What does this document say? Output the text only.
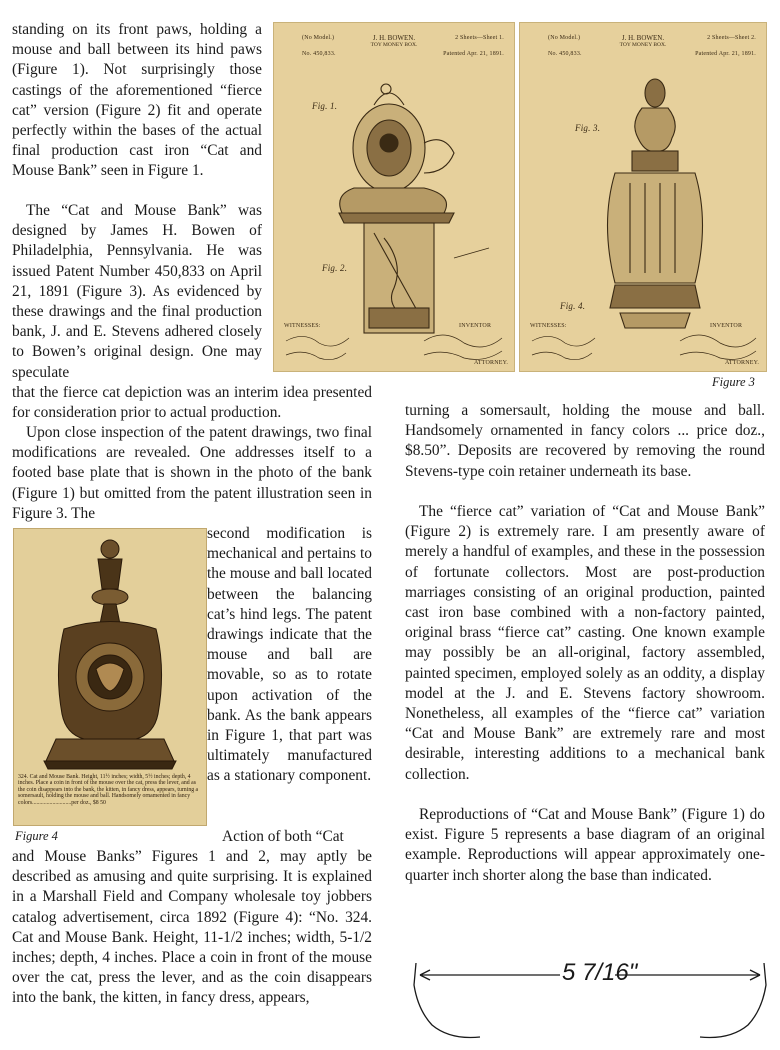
standing on its front paws, holding a mouse and ball between its hind paws (Figure 1). Not surprisingly those castings of the aforementioned “fierce cat” version (Figure 2) fit and operate perfectly within the bases of the actual final production cast iron “Cat and Mouse Bank” seen in Figure 1.

The “Cat and Mouse Bank” was designed by James H. Bowen of Philadelphia, Pennsylvania. He was issued Patent Number 450,833 on April 21, 1891 (Figure 3). As evidenced by these drawings and the final production bank, J. and E. Stevens adhered closely to Bowen’s original design. One may speculate

that the fierce cat depiction was an interim idea presented for consideration prior to actual production.

Upon close inspection of the patent drawings, two final modifications are revealed. One addresses itself to a footed base plate that is shown in the photo of the bank (Figure 1) but omitted from the patent illustration seen in Figure 3. The

second modification is mechanical and pertains to the mouse and ball located between the balancing cat’s hind legs. The patent drawings indicate that the mouse and ball are movable, so as to rotate upon activation of the bank. As the bank appears in Figure 1, that part was ultimately manufactured as a stationary component.

Action of both “Cat

and Mouse Banks” Figures 1 and 2, may aptly be described as amusing and quite surprising. It is explained in a Marshall Field and Company wholesale toy jobbers catalog advertisement, circa 1892 (Figure 4): “No. 324. Cat and Mouse Bank. Height, 11-1/2 inches; width, 5-1/2 inches; depth, 4 inches. Place a coin in front of the mouse over the cat, press the lever, and as the coin disappears into the bank, the kitten, in fancy dress, appears,

turning a somersault, holding the mouse and ball. Handsomely ornamented in fancy colors ... price doz., $8.50”. Deposits are recovered by removing the round Stevens-type coin retainer underneath its base.

The “fierce cat” variation of “Cat and Mouse Bank” (Figure 2) is extremely rare. I am presently aware of merely a handful of examples, and these in the possession of fortunate collectors. Most are post-production marriages consisting of an original production, painted cast iron base combined with a non-factory painted, original brass “fierce cat” casting. One known example may possibly be an all-original, factory assembled, painted specimen, employed solely as an oddity, a display model at the J. and E. Stevens factory showroom. Nonetheless, all examples of the “fierce cat” variation “Cat and Mouse Bank” are extremely rare and most desirable, interesting additions to a mechanical bank collection.

Reproductions of “Cat and Mouse Bank” (Figure 1) do exist. Figure 5 represents a base diagram of an original example. Reproductions will appear approximately one-quarter inch shorter along the base than indicated.

(No Model.)	2 Sheets—Sheet 1.
J. H. BOWEN.
TOY MONEY BOX.
No. 450,833.	Patented Apr. 21, 1891.
Fig. 1.
Fig. 2.
WITNESSES:	INVENTOR
ATTORNEY.
(No Model.)	2 Sheets—Sheet 2.
J. H. BOWEN.
TOY MONEY BOX.
No. 450,833.	Patented Apr. 21, 1891.
Fig. 3.
Fig. 4.
WITNESSES:	INVENTOR
ATTORNEY.
Figure 3
324. Cat and Mouse Bank. Height, 11½ inches; width, 5½ inches; depth, 4 inches. Place a coin in front of the mouse over the cat, press the lever, and as the coin disappears into the bank, the kitten, in fancy dress, appears, turning a somersault, holding the mouse and ball. Handsomely ornamented in fancy colors...........................per doz., $8 50
Figure 4
5 7/16"
